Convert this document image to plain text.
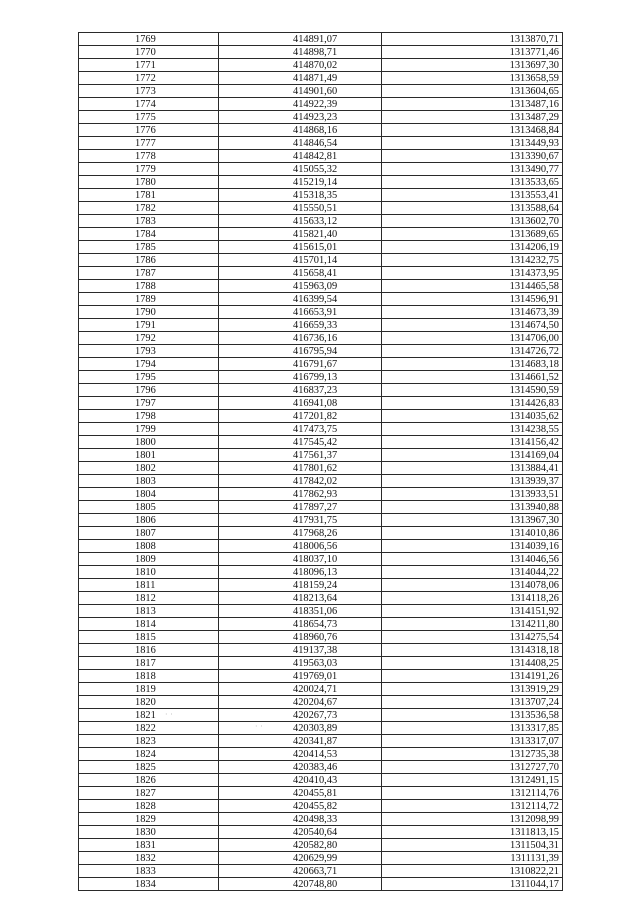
1769	414891,07	1313870,71
1770	414898,71	1313771,46
1771	414870,02	1313697,30
1772	414871,49	1313658,59
1773	414901,60	1313604,65
1774	414922,39	1313487,16
1775	414923,23	1313487,29
1776	414868,16	1313468,84
1777	414846,54	1313449,93
1778	414842,81	1313390,67
1779	415055,32	1313490,77
1780	415219,14	1313533,65
1781	415318,35	1313553,41
1782	415550,51	1313588,64
1783	415633,12	1313602,70
1784	415821,40	1313689,65
1785	415615,01	1314206,19
1786	415701,14	1314232,75
1787	415658,41	1314373,95
1788	415963,09	1314465,58
1789	416399,54	1314596,91
1790	416653,91	1314673,39
1791	416659,33	1314674,50
1792	416736,16	1314706,00
1793	416795,94	1314726,72
1794	416791,67	1314683,18
1795	416799,13	1314661,52
1796	416837,23	1314590,59
1797	416941,08	1314426,83
1798	417201,82	1314035,62
1799	417473,75	1314238,55
1800	417545,42	1314156,42
1801	417561,37	1314169,04
1802	417801,62	1313884,41
1803	417842,02	1313939,37
1804	417862,93	1313933,51
1805	417897,27	1313940,88
1806	417931,75	1313967,30
1807	417968,26	1314010,86
1808	418006,56	1314039,16
1809	418037,10	1314046,56
1810	418096,13	1314044,22
1811	418159,24	1314078,06
1812	418213,64	1314118,26
1813	418351,06	1314151,92
1814	418654,73	1314211,80
1815	418960,76	1314275,54
1816	419137,38	1314318,18
1817	419563,03	1314408,25
1818	419769,01	1314191,26
1819	420024,71	1313919,29
1820	420204,67	1313707,24
1821	420267,73	1313536,58
1822	420303,89	1313317,85
1823	420341,87	1313317,07
1824	420414,53	1312735,38
1825	420383,46	1312727,70
1826	420410,43	1312491,15
1827	420455,81	1312114,76
1828	420455,82	1312114,72
1829	420498,33	1312098,99
1830	420540,64	1311813,15
1831	420582,80	1311504,31
1832	420629,99	1311131,39
1833	420663,71	1310822,21
1834	420748,80	1311044,17
· ·
· ·
